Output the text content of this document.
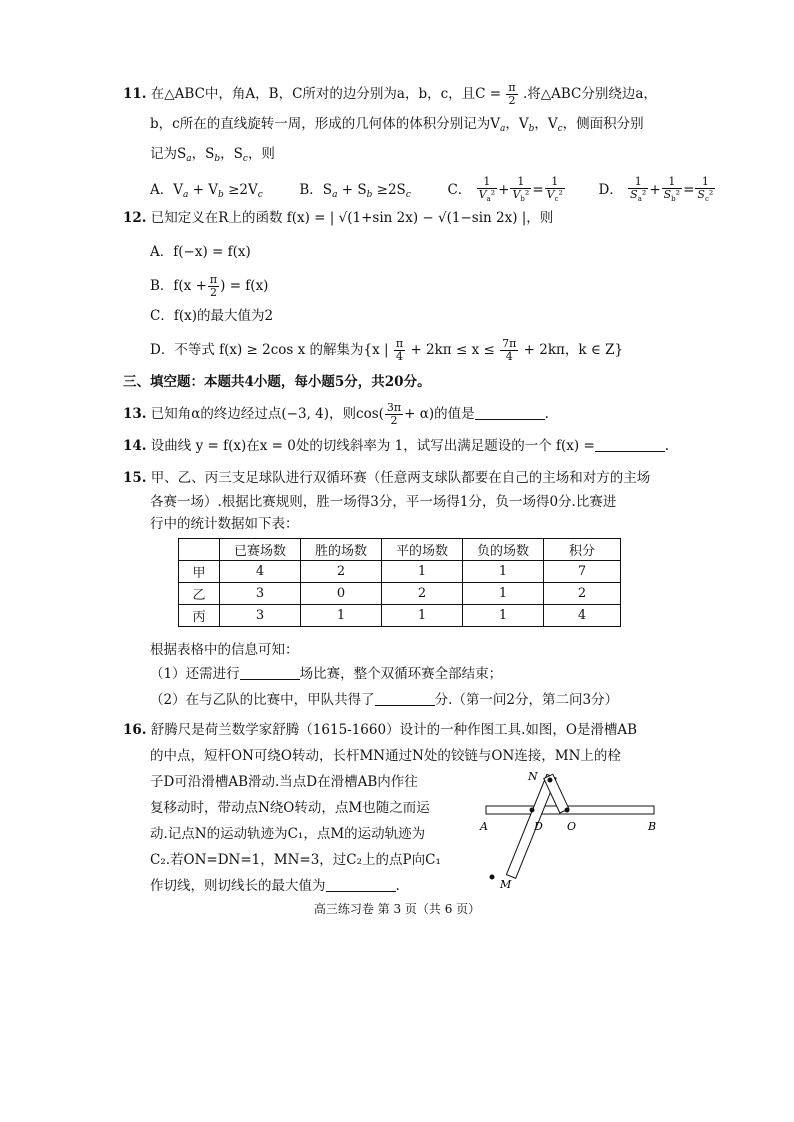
11. 在△ABC中，角A，B，C所对的边分别为a，b，c，且$C = \frac{\pi}{2}$ .将△ABC分别绕边a，
b，c所在的直线旋转一周，形成的几何体的体积分别记为$V_a$，$V_b$，$V_c$，侧面积分别
记为$S_a$，$S_b$，$S_c$，则
A．$V_a + V_b \ge 2V_c$	B．$S_a + S_b \ge 2S_c$	C． $\frac{1}{V_a^2} + \frac{1}{V_b^2} = \frac{1}{V_c^2}$ D． $\frac{1}{S_a^2} + \frac{1}{S_b^2} = \frac{1}{S_c^2}$
12. 已知定义在R上的函数 f(x) = | √(1+sin 2x) − √(1−sin 2x) |，则
A．f(−x) = f(x)
B．$f(x + \frac{\pi}{2}$ ) = f(x)
C．f(x)的最大值为2
D．不等式 f(x) ≥ 2cos x 的解集为{x | $\frac{\pi}{4} + 2k\pi \le x \le \frac{7\pi}{4} + 2k\pi$，k ∈ Z}
三、填空题：本题共4小题，每小题5分，共20分。
13. 已知角α的终边经过点(−3, 4)，则$\cos( \frac{3\pi}{2} + \alpha)$的值是	.
14. 设曲线 y = f(x)在x = 0处的切线斜率为 1，试写出满足题设的一个 f(x) =	.
15. 甲、乙、丙三支足球队进行双循环赛（任意两支球队都要在自己的主场和对方的主场
各赛一场）.根据比赛规则，胜一场得3分，平一场得1分，负一场得0分.比赛进
行中的统计数据如下表：
	已赛场数	胜的场数	平的场数	负的场数	积分
甲	4	2	1	1	7
乙	3	0	2	1	2
丙	3	1	1	1	4
根据表格中的信息可知：
（1）还需进行	场比赛，整个双循环赛全部结束；
（2）在与乙队的比赛中，甲队共得了	分.（第一问2分，第二问3分）
16. 舒腾尺是荷兰数学家舒腾（1615-1660）设计的一种作图工具.如图，O是滑槽AB
的中点，短杆ON可绕O转动，长杆MN通过N处的铰链与ON连接，MN上的栓
子D可沿滑槽AB滑动.当点D在滑槽AB内作往
复移动时，带动点N绕O转动，点M也随之而运
动.记点N的运动轨迹为C₁，点M的运动轨迹为
C₂.若ON=DN=1，MN=3，过C₂上的点P向C₁
作切线，则切线长的最大值为	.
N
A	D O	B
M
高三练习卷 第 3 页（共 6 页）
